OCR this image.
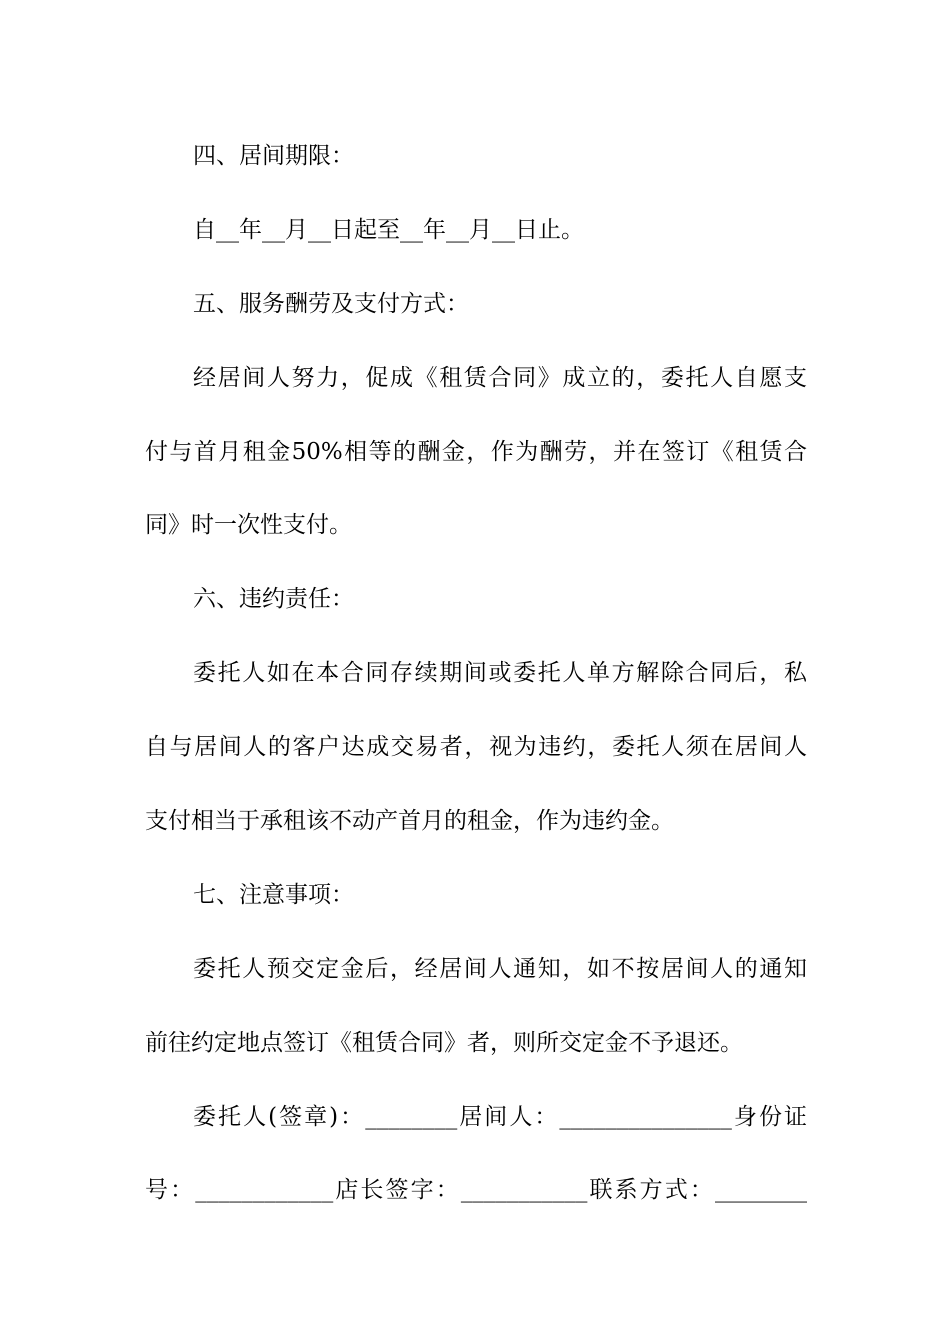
四、居间期限：

自__年__月__日起至__年__月__日止。

五、服务酬劳及支付方式：

经居间人努力，促成《租赁合同》成立的，委托人自愿支

付与首月租金50%相等的酬金，作为酬劳，并在签订《租赁合

同》时一次性支付。

六、违约责任：

委托人如在本合同存续期间或委托人单方解除合同后，私

自与居间人的客户达成交易者，视为违约，委托人须在居间人

支付相当于承租该不动产首月的租金，作为违约金。

七、注意事项：

委托人预交定金后，经居间人通知，如不按居间人的通知

前往约定地点签订《租赁合同》者，则所交定金不予退还。

委托人(签章)：________居间人：_______________身份证

号：____________店长签字：___________联系方式：________
